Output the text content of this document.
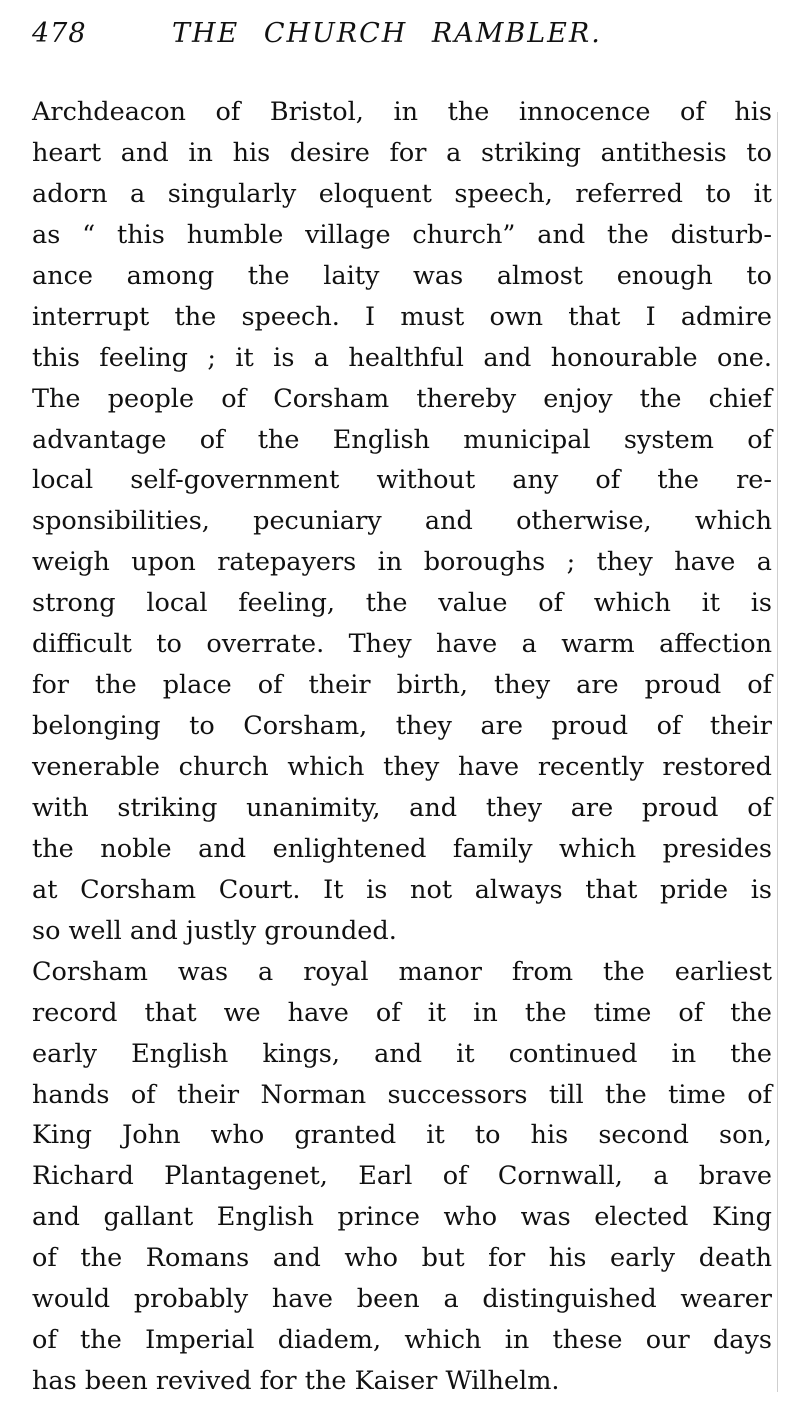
478	THE CHURCH RAMBLER.
Archdeacon of Bristol, in the innocence of his
heart and in his desire for a striking antithesis to
adorn a singularly eloquent speech, referred to it
as “ this humble village church” and the disturb-
ance among the laity was almost enough to
interrupt the speech. I must own that I admire
this feeling ; it is a healthful and honourable one.
The people of Corsham thereby enjoy the chief
advantage of the English municipal system of
local self-government without any of the re-
sponsibilities, pecuniary and otherwise, which
weigh upon ratepayers in boroughs ; they have a
strong local feeling, the value of which it is
difficult to overrate. They have a warm affection
for the place of their birth, they are proud of
belonging to Corsham, they are proud of their
venerable church which they have recently restored
with striking unanimity, and they are proud of
the noble and enlightened family which presides
at Corsham Court. It is not always that pride is
so well and justly grounded.
Corsham was a royal manor from the earliest
record that we have of it in the time of the
early English kings, and it continued in the
hands of their Norman successors till the time of
King John who granted it to his second son,
Richard Plantagenet, Earl of Cornwall, a brave
and gallant English prince who was elected King
of the Romans and who but for his early death
would probably have been a distinguished wearer
of the Imperial diadem, which in these our days
has been revived for the Kaiser Wilhelm.
